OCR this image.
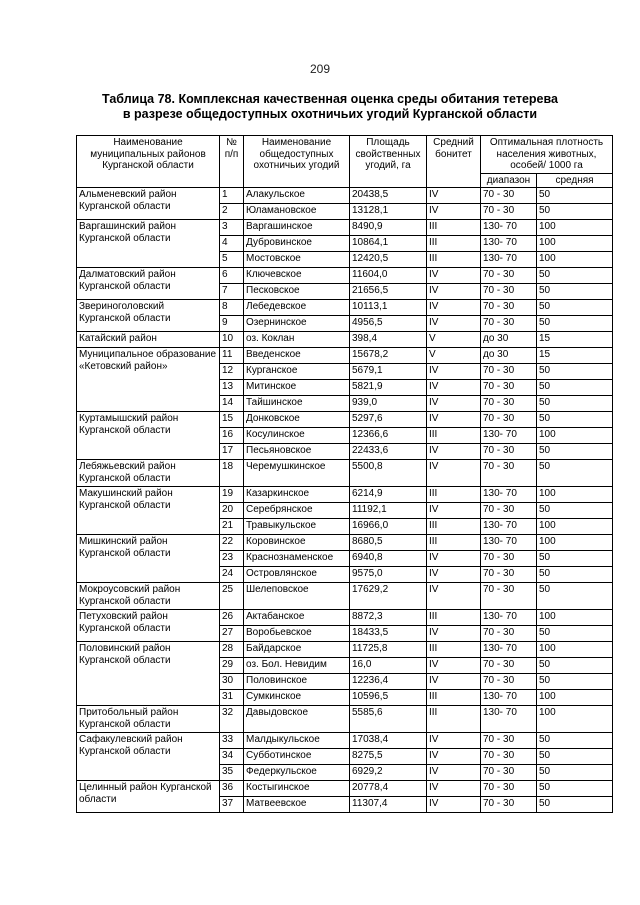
209
Таблица 78. Комплексная качественная оценка среды обитания тетерева
в разрезе общедоступных охотничьих угодий Курганской области
Наименование муниципальных районов Курганской области	№ п/п	Наименование общедоступных охотничьих угодий	Площадь свойственных угодий, га	Средний бонитет	Оптимальная плотность населения животных, особей/ 1000 га	
					диапазон	средняя
Альменевский район Курганской области	1	Алакульское	20438,5	IV	70 - 30	50
	2	Юламановское	13128,1	IV	70 - 30	50
Варгашинский район Курганской области	3	Варгашинское	8490,9	III	130- 70	100
	4	Дубровинское	10864,1	III	130- 70	100
	5	Мостовское	12420,5	III	130- 70	100
Далматовский район Курганской области	6	Ключевское	11604,0	IV	70 - 30	50
	7	Песковское	21656,5	IV	70 - 30	50
Звериноголовский Курганской области	8	Лебедевское	10113,1	IV	70 - 30	50
	9	Озернинское	4956,5	IV	70 - 30	50
Катайский район	10	оз. Коклан	398,4	V	до 30	15
Муниципальное образование «Кетовский район»	11	Введенское	15678,2	V	до 30	15
	12	Курганское	5679,1	IV	70 - 30	50
	13	Митинское	5821,9	IV	70 - 30	50
	14	Тайшинское	939,0	IV	70 - 30	50
Куртамышский район Курганской области	15	Донковское	5297,6	IV	70 - 30	50
	16	Косулинское	12366,6	III	130- 70	100
	17	Песьяновское	22433,6	IV	70 - 30	50
Лебяжьевский район Курганской области	18	Черемушкинское	5500,8	IV	70 - 30	50
Макушинский район Курганской области	19	Казаркинское	6214,9	III	130- 70	100
	20	Серебрянское	11192,1	IV	70 - 30	50
	21	Травыкульское	16966,0	III	130- 70	100
Мишкинский район Курганской области	22	Коровинское	8680,5	III	130- 70	100
	23	Краснознаменское	6940,8	IV	70 - 30	50
	24	Островлянское	9575,0	IV	70 - 30	50
Мокроусовский район Курганской области	25	Шелеповское	17629,2	IV	70 - 30	50
Петуховский район Курганской области	26	Актабанское	8872,3	III	130- 70	100
	27	Воробьевское	18433,5	IV	70 - 30	50
Половинский район Курганской области	28	Байдарское	11725,8	III	130- 70	100
	29	оз. Бол. Невидим	16,0	IV	70 - 30	50
	30	Половинское	12236,4	IV	70 - 30	50
	31	Сумкинское	10596,5	III	130- 70	100
Притобольный район Курганской области	32	Давыдовское	5585,6	III	130- 70	100
Сафакулевский район Курганской области	33	Малдыкульское	17038,4	IV	70 - 30	50
	34	Субботинское	8275,5	IV	70 - 30	50
	35	Федеркульское	6929,2	IV	70 - 30	50
Целинный район Курганской области	36	Костыгинское	20778,4	IV	70 - 30	50
	37	Матвеевское	11307,4	IV	70 - 30	50
